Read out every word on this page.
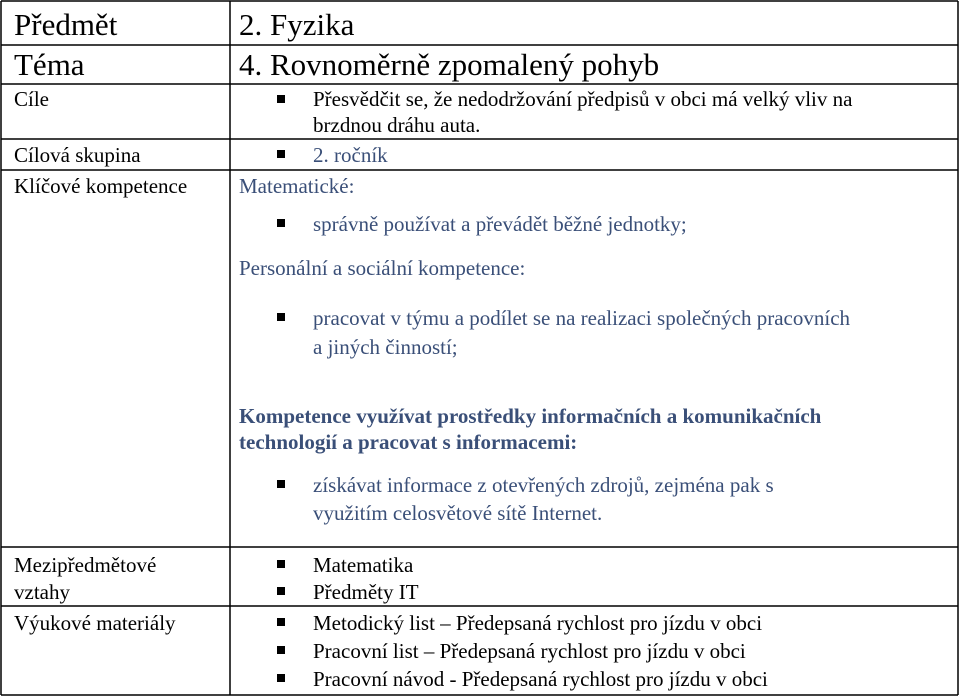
Předmět
Téma
Cíle
Cílová skupina
Klíčové kompetence
Mezipředmětové
vztahy
Výukové materiály
2. Fyzika
4. Rovnoměrně zpomalený pohyb
Přesvědčit se, že nedodržování předpisů v obci má velký vliv na
brzdnou dráhu auta.
2. ročník
Matematické:
správně používat a převádět běžné jednotky;
Personální a sociální kompetence:
pracovat v týmu a podílet se na realizaci společných pracovních
a jiných činností;
Kompetence využívat prostředky informačních a komunikačních
technologií a pracovat s informacemi:
získávat informace z otevřených zdrojů, zejména pak s
využitím celosvětové sítě Internet.
Matematika
Předměty IT
Metodický list – Předepsaná rychlost pro jízdu v obci
Pracovní list – Předepsaná rychlost pro jízdu v obci
Pracovní návod - Předepsaná rychlost pro jízdu v obci
